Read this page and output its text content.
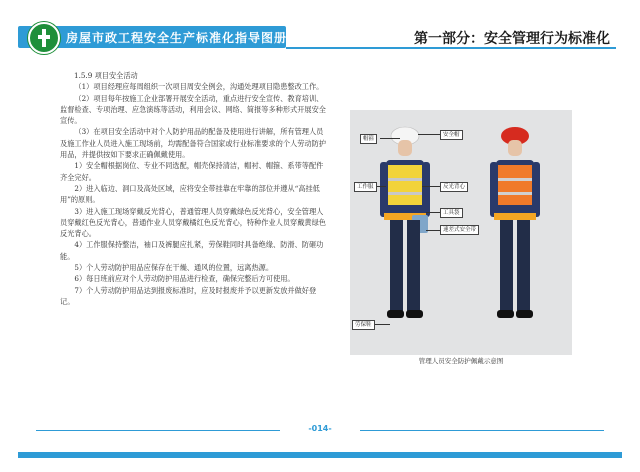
房屋市政工程安全生产标准化指导图册	第一部分：安全管理行为标准化

1.5.9 项目安全活动

（1）项目经理应每周组织一次项目周安全例会，沟通处理项目隐患整改工作。

（2）项目每年按施工企业部署开展安全活动，重点进行安全宣传、教育培训、监督检查、专项治理、应急演练等活动，利用会议、网络、简报等多种形式开展安全宣传。

（3）在项目安全活动中对个人防护用品的配备及使用进行讲解，所有管理人员及施工作业人员进入施工现场前，均需配备符合国家或行业标准要求的个人劳动防护用品，并提供按如下要求正确佩戴使用。

1）安全帽根据岗位、专业不同选配，帽壳保持清洁，帽衬、帽箍、系带等配件齐全完好。

2）进入临边、洞口及高处区域，应将安全带挂靠在牢靠的部位并遵从“高挂低用”的原则。

3）进入施工现场穿戴反光背心，普通管理人员穿戴绿色反光背心，安全管理人员穿戴红色反光背心，普通作业人员穿戴橘红色反光背心，特种作业人员穿戴黄绿色反光背心。

4）工作服保持整洁，袖口及裤腿应扎紧，劳保鞋同时具备绝缘、防滑、防砸功能。

5）个人劳动防护用品应保存在干燥、通风的位置，远离热源。

6）每日班前应对个人劳动防护用品进行检查，确保完整后方可使用。

7）个人劳动防护用品达到报废标准时，应及时报废并予以更新发放并做好登记。

帽箍
安全帽
工作服	反光背心
工具袋
速差式安全带
劳保鞋
管理人员安全防护佩戴示意图
-014-
